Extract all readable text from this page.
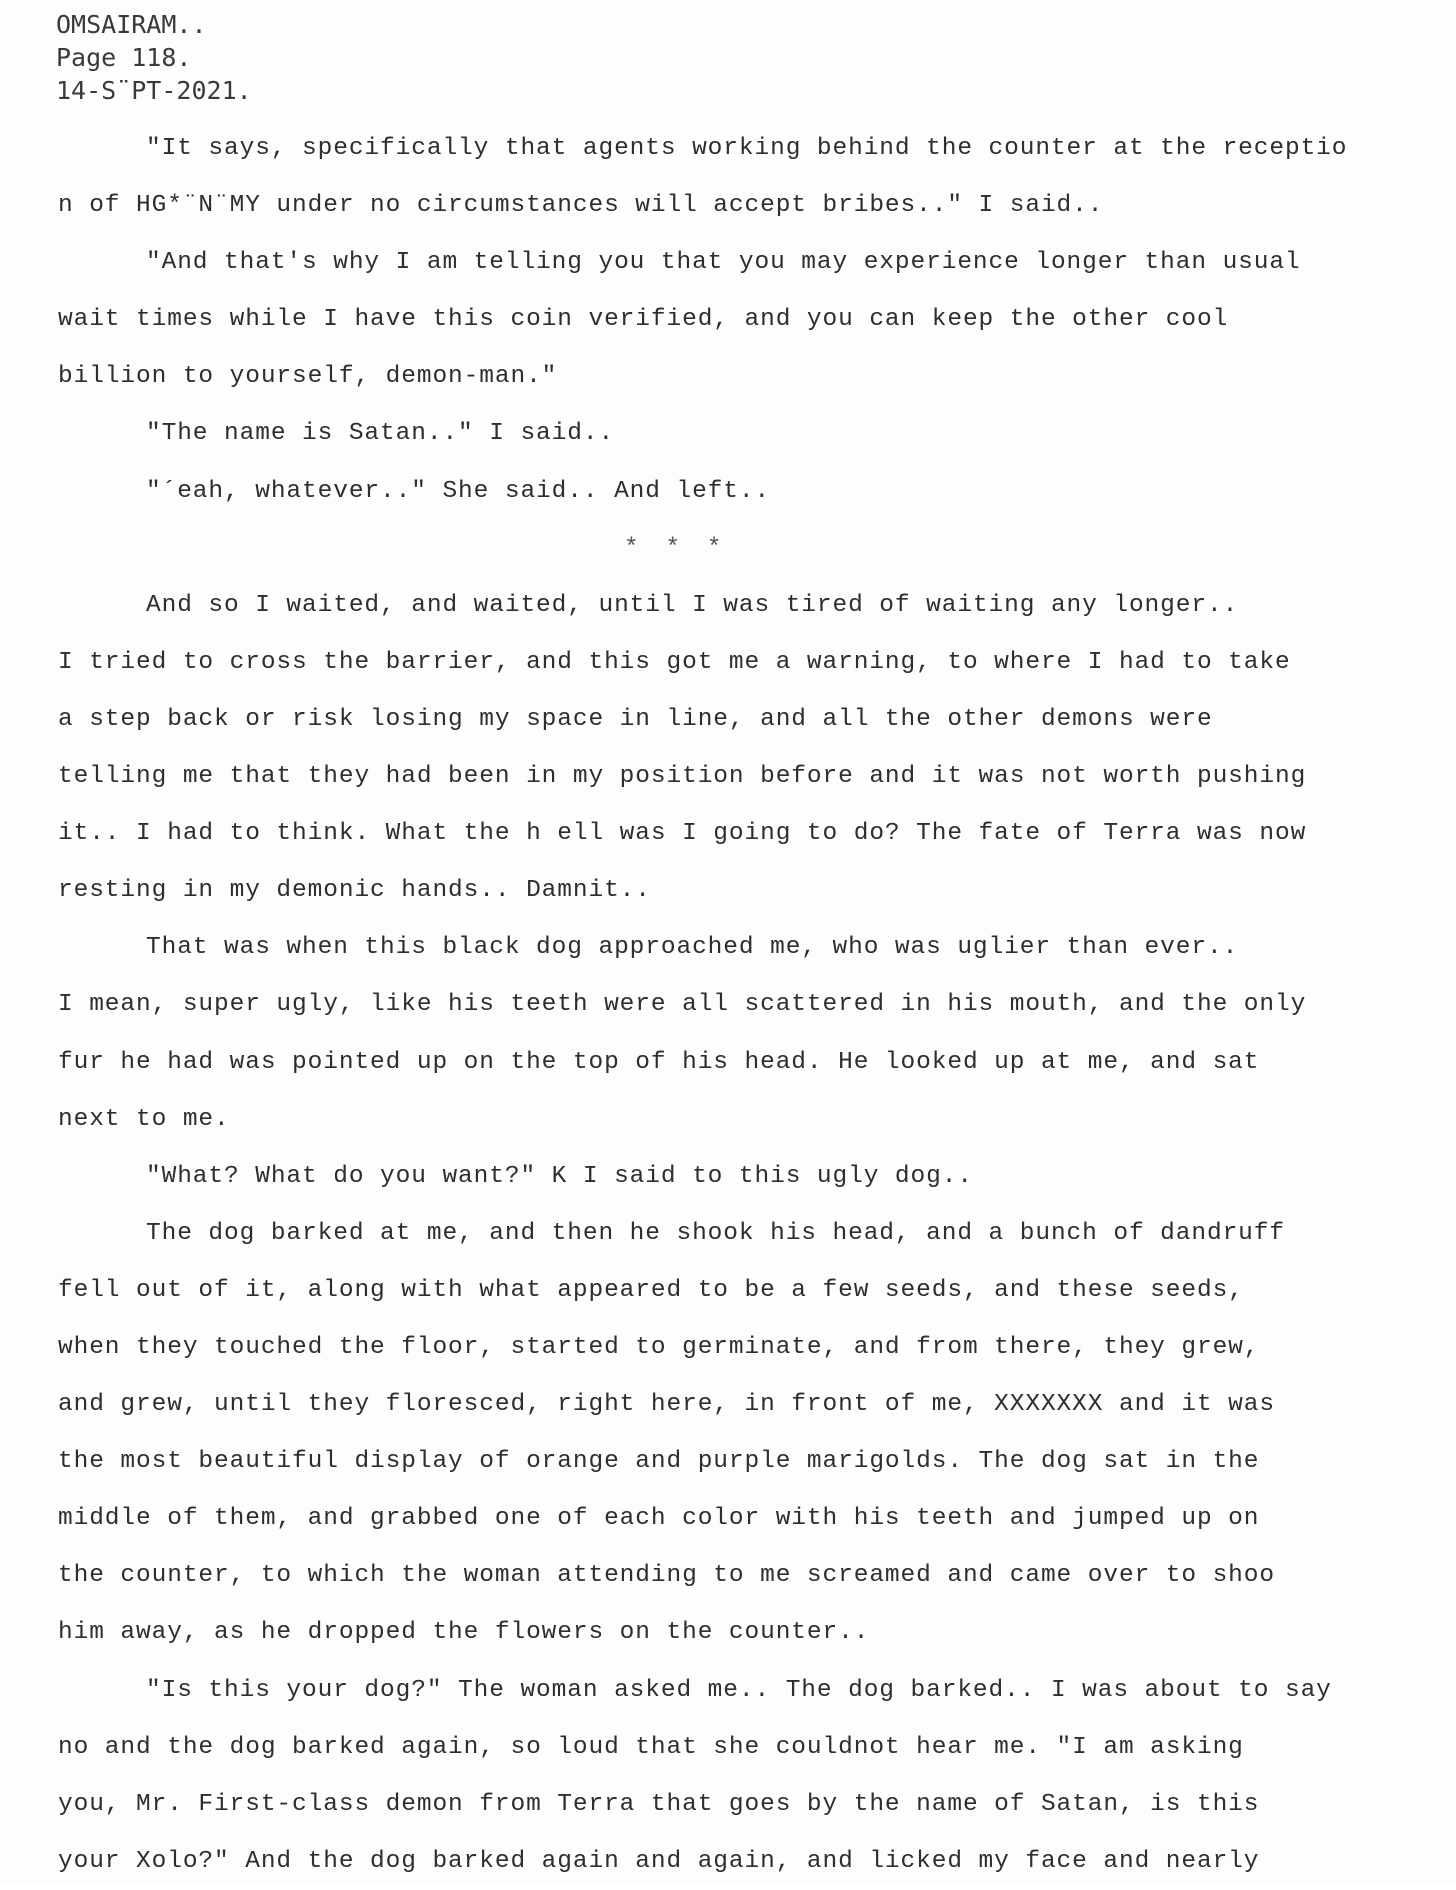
OMSAIRAM..
Page 118.
14-S¨PT-2021.
"It says, specifically that agents working behind the counter at the receptio
n of HG*¨N¨MY under no circumstances will accept bribes.." I said..
"And that's why I am telling you that you may experience longer than usual
wait times while I have this coin verified, and you can keep the other cool
billion to yourself, demon-man."
"The name is Satan.." I said..
"´eah, whatever.." She said.. And left..
* * *
And so I waited, and waited, until I was tired of waiting any longer..
I tried to cross the barrier, and this got me a warning, to where I had to take
a step back or risk losing my space in line, and all the other demons were
telling me that they had been in my position before and it was not worth pushing
it.. I had to think. What the h ell was I going to do? The fate of Terra was now
resting in my demonic hands.. Damnit..
That was when this black dog approached me, who was uglier than ever..
I mean, super ugly, like his teeth were all scattered in his mouth, and the only
fur he had was pointed up on the top of his head. He looked up at me, and sat
next to me.
"What? What do you want?" K I said to this ugly dog..
The dog barked at me, and then he shook his head, and a bunch of dandruff
fell out of it, along with what appeared to be a few seeds, and these seeds,
when they touched the floor, started to germinate, and from there, they grew,
and grew, until they floresced, right here, in front of me, XXXXXXX and it was
the most beautiful display of orange and purple marigolds. The dog sat in the
middle of them, and grabbed one of each color with his teeth and jumped up on
the counter, to which the woman attending to me screamed and came over to shoo
him away, as he dropped the flowers on the counter..
"Is this your dog?" The woman asked me.. The dog barked.. I was about to say
no and the dog barked again, so loud that she couldnot hear me. "I am asking
you, Mr. First-class demon from Terra that goes by the name of Satan, is this
your Xolo?" And the dog barked again and again, and licked my face and nearly
